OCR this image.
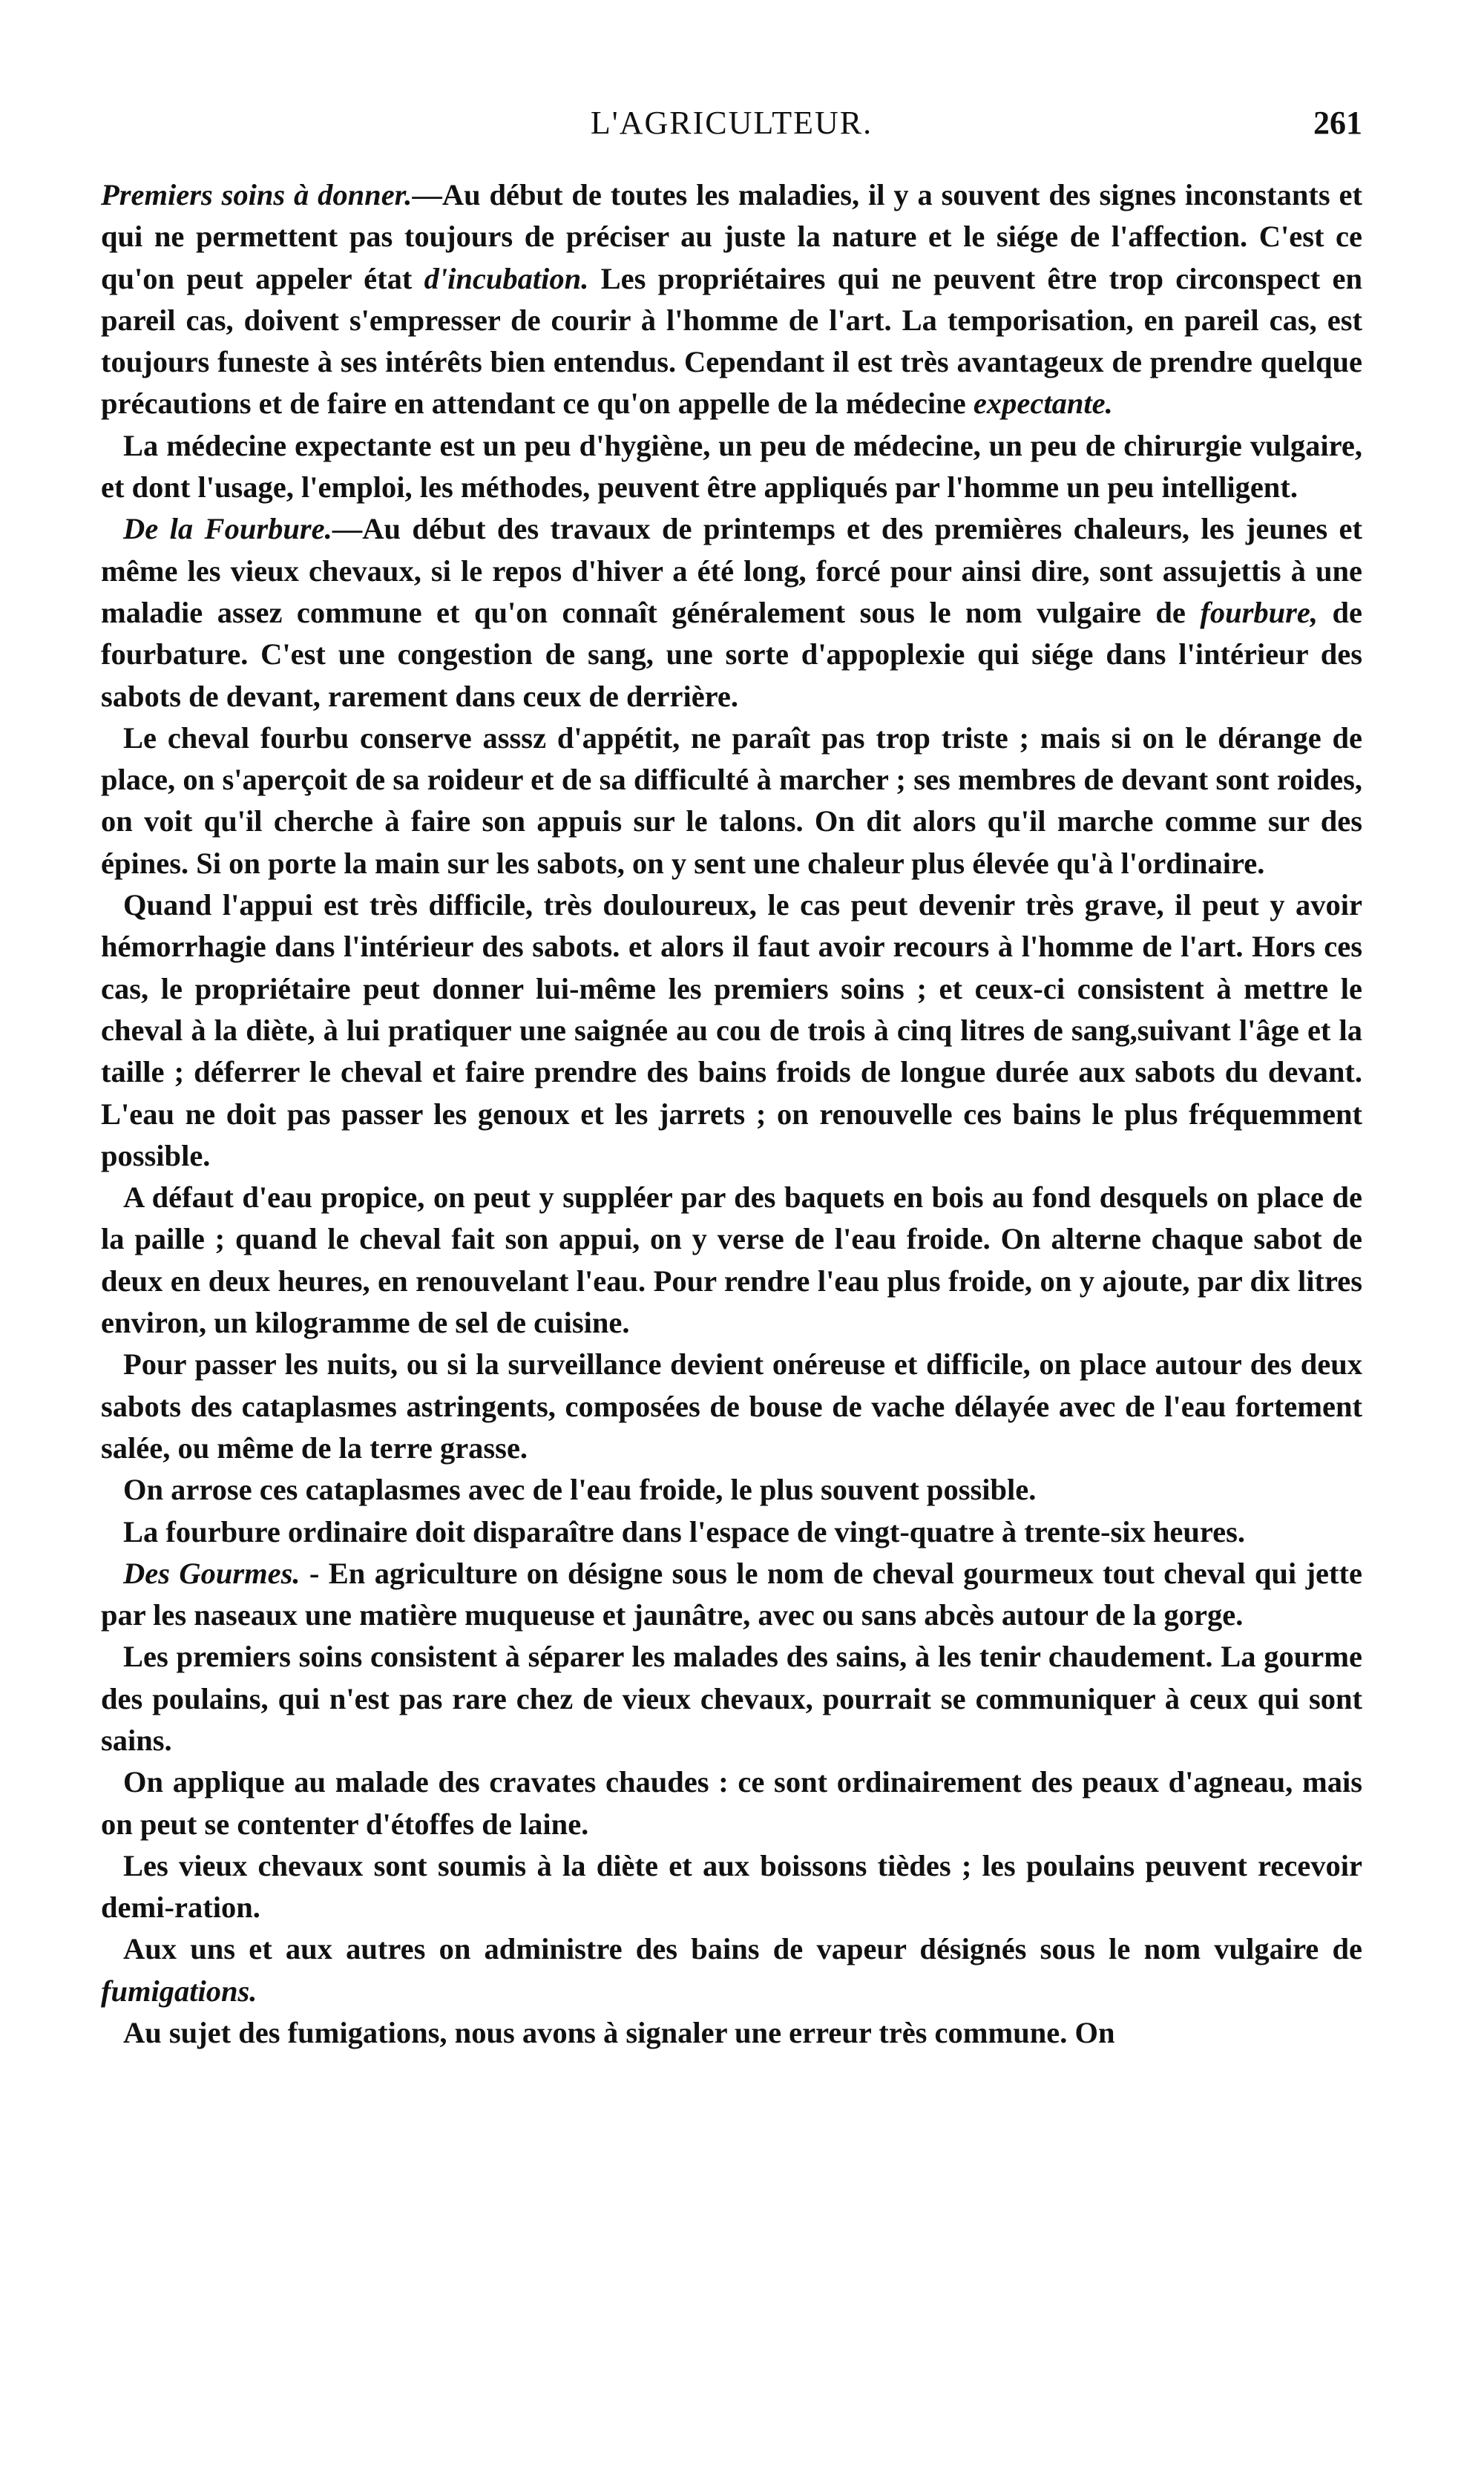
L'AGRICULTEUR.	261

Premiers soins à donner.—Au début de toutes les maladies, il y a souvent des signes inconstants et qui ne permettent pas toujours de préciser au juste la nature et le siége de l'affection. C'est ce qu'on peut appeler état d'incubation. Les propriétaires qui ne peuvent être trop circonspect en pareil cas, doivent s'empresser de courir à l'homme de l'art. La temporisation, en pareil cas, est toujours funeste à ses intérêts bien entendus. Cependant il est très avantageux de prendre quelque précautions et de faire en attendant ce qu'on appelle de la médecine expectante.

La médecine expectante est un peu d'hygiène, un peu de médecine, un peu de chirurgie vulgaire, et dont l'usage, l'emploi, les méthodes, peuvent être appliqués par l'homme un peu intelligent.

De la Fourbure.—Au début des travaux de printemps et des premières chaleurs, les jeunes et même les vieux chevaux, si le repos d'hiver a été long, forcé pour ainsi dire, sont assujettis à une maladie assez commune et qu'on connaît généralement sous le nom vulgaire de fourbure, de fourbature. C'est une congestion de sang, une sorte d'appoplexie qui siége dans l'intérieur des sabots de devant, rarement dans ceux de derrière.

Le cheval fourbu conserve asssz d'appétit, ne paraît pas trop triste ; mais si on le dérange de place, on s'aperçoit de sa roideur et de sa difficulté à marcher ; ses membres de devant sont roides, on voit qu'il cherche à faire son appuis sur le talons. On dit alors qu'il marche comme sur des épines. Si on porte la main sur les sabots, on y sent une chaleur plus élevée qu'à l'ordinaire.

Quand l'appui est très difficile, très douloureux, le cas peut devenir très grave, il peut y avoir hémorrhagie dans l'intérieur des sabots. et alors il faut avoir recours à l'homme de l'art. Hors ces cas, le propriétaire peut donner lui-même les premiers soins ; et ceux-ci consistent à mettre le cheval à la diète, à lui pratiquer une saignée au cou de trois à cinq litres de sang,suivant l'âge et la taille ; déferrer le cheval et faire prendre des bains froids de longue durée aux sabots du devant. L'eau ne doit pas passer les genoux et les jarrets ; on renouvelle ces bains le plus fréquemment possible.

A défaut d'eau propice, on peut y suppléer par des baquets en bois au fond desquels on place de la paille ; quand le cheval fait son appui, on y verse de l'eau froide. On alterne chaque sabot de deux en deux heures, en renouvelant l'eau. Pour rendre l'eau plus froide, on y ajoute, par dix litres environ, un kilogramme de sel de cuisine.

Pour passer les nuits, ou si la surveillance devient onéreuse et difficile, on place autour des deux sabots des cataplasmes astringents, composées de bouse de vache délayée avec de l'eau fortement salée, ou même de la terre grasse.

On arrose ces cataplasmes avec de l'eau froide, le plus souvent possible.

La fourbure ordinaire doit disparaître dans l'espace de vingt-quatre à trente-six heures.

Des Gourmes. - En agriculture on désigne sous le nom de cheval gourmeux tout cheval qui jette par les naseaux une matière muqueuse et jaunâtre, avec ou sans abcès autour de la gorge.

Les premiers soins consistent à séparer les malades des sains, à les tenir chaudement. La gourme des poulains, qui n'est pas rare chez de vieux chevaux, pourrait se communiquer à ceux qui sont sains.

On applique au malade des cravates chaudes : ce sont ordinairement des peaux d'agneau, mais on peut se contenter d'étoffes de laine.

Les vieux chevaux sont soumis à la diète et aux boissons tièdes ; les poulains peuvent recevoir demi-ration.

Aux uns et aux autres on administre des bains de vapeur désignés sous le nom vulgaire de fumigations.

Au sujet des fumigations, nous avons à signaler une erreur très commune. On
